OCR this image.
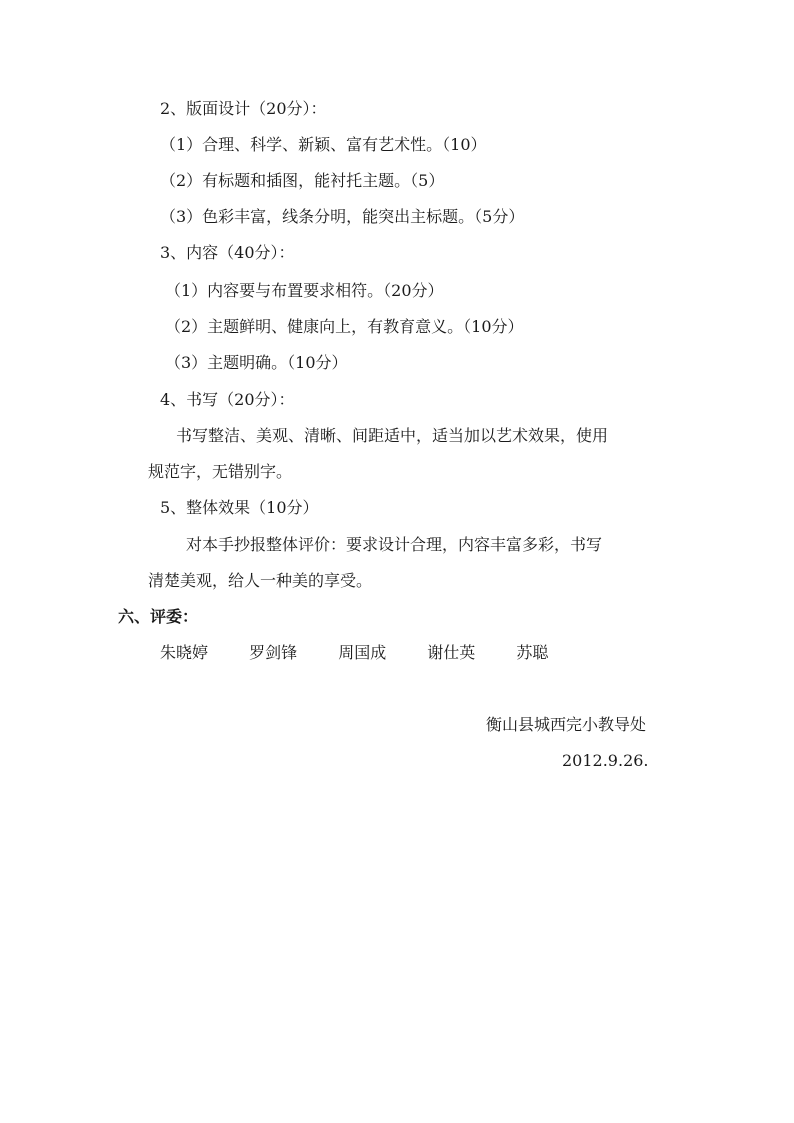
2、版面设计（20分）：
（1）合理、科学、新颖、富有艺术性。（10）
（2）有标题和插图，能衬托主题。（5）
（3）色彩丰富，线条分明，能突出主标题。（5分）
3、内容（40分）：
（1）内容要与布置要求相符。（20分）
（2）主题鲜明、健康向上，有教育意义。（10分）
（3）主题明确。（10分）
4、书写（20分）：
书写整洁、美观、清晰、间距适中，适当加以艺术效果，使用
规范字，无错别字。
5、整体效果（10分）
对本手抄报整体评价：要求设计合理，内容丰富多彩，书写
清楚美观，给人一种美的享受。
六、评委：
朱晓婷	罗剑锋	周国成	谢仕英	苏聪
衡山县城西完小教导处
2012.9.26.
